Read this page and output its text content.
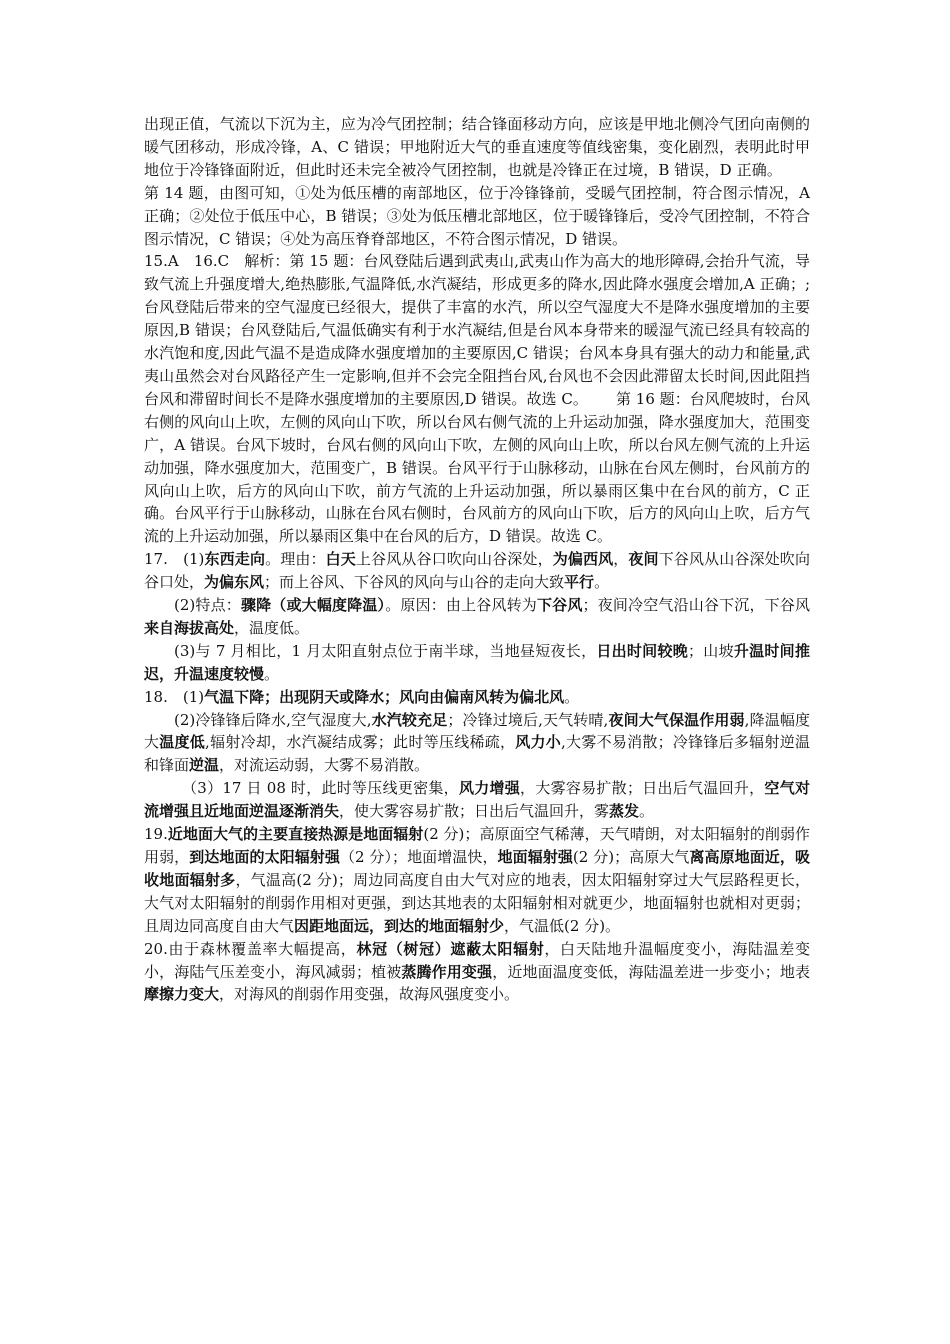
出现正值，气流以下沉为主，应为冷气团控制；结合锋面移动方向，应该是甲地北侧冷气团向南侧的暖气团移动，形成冷锋，A、C 错误；甲地附近大气的垂直速度等值线密集，变化剧烈，表明此时甲地位于冷锋锋面附近，但此时还未完全被冷气团控制，也就是冷锋正在过境，B 错误，D 正确。第 14 题，由图可知，①处为低压槽的南部地区，位于冷锋锋前，受暖气团控制，符合图示情况，A 正确；②处位于低压中心，B 错误；③处为低压槽北部地区，位于暖锋锋后，受冷气团控制，不符合图示情况，C 错误；④处为高压脊脊部地区，不符合图示情况，D 错误。

15.A　16.C　解析：第 15 题：台风登陆后遇到武夷山,武夷山作为高大的地形障碍,会抬升气流，导致气流上升强度增大,绝热膨胀,气温降低,水汽凝结，形成更多的降水,因此降水强度会增加,A 正确；;台风登陆后带来的空气湿度已经很大，提供了丰富的水汽，所以空气湿度大不是降水强度增加的主要原因,B 错误；台风登陆后,气温低确实有利于水汽凝结,但是台风本身带来的暖湿气流已经具有较高的水汽饱和度,因此气温不是造成降水强度增加的主要原因,C 错误；台风本身具有强大的动力和能量,武夷山虽然会对台风路径产生一定影响,但并不会完全阻挡台风,台风也不会因此滞留太长时间,因此阻挡台风和滞留时间长不是降水强度增加的主要原因,D 错误。故选 C。 第 16 题：台风爬坡时，台风右侧的风向山上吹，左侧的风向山下吹，所以台风右侧气流的上升运动加强，降水强度加大，范围变广，A 错误。台风下坡时，台风右侧的风向山下吹，左侧的风向山上吹，所以台风左侧气流的上升运动加强，降水强度加大，范围变广，B 错误。台风平行于山脉移动，山脉在台风左侧时，台风前方的风向山上吹，后方的风向山下吹，前方气流的上升运动加强，所以暴雨区集中在台风的前方，C 正确。台风平行于山脉移动，山脉在台风右侧时，台风前方的风向山下吹，后方的风向山上吹，后方气流的上升运动加强，所以暴雨区集中在台风的后方，D 错误。故选 C。

17.　(1)东西走向。理由：白天上谷风从谷口吹向山谷深处，为偏西风，夜间下谷风从山谷深处吹向谷口处，为偏东风；而上谷风、下谷风的风向与山谷的走向大致平行。

(2)特点：骤降（或大幅度降温）。原因：由上谷风转为下谷风；夜间冷空气沿山谷下沉，下谷风来自海拔高处，温度低。

(3)与 7 月相比，1 月太阳直射点位于南半球，当地昼短夜长，日出时间较晚；山坡升温时间推迟，升温速度较慢。

18.　(1)气温下降；出现阴天或降水；风向由偏南风转为偏北风。

(2)冷锋锋后降水,空气湿度大,水汽较充足；冷锋过境后,天气转晴,夜间大气保温作用弱,降温幅度大温度低,辐射冷却，水汽凝结成雾；此时等压线稀疏，风力小,大雾不易消散；冷锋锋后多辐射逆温和锋面逆温，对流运动弱，大雾不易消散。

（3）17 日 08 时，此时等压线更密集，风力增强，大雾容易扩散；日出后气温回升，空气对流增强且近地面逆温逐渐消失，使大雾容易扩散；日出后气温回升，雾蒸发。

19.近地面大气的主要直接热源是地面辐射(2 分)；高原面空气稀薄，天气晴朗，对太阳辐射的削弱作用弱，到达地面的太阳辐射强（2 分）；地面增温快，地面辐射强(2 分)；高原大气离高原地面近，吸收地面辐射多，气温高(2 分)；周边同高度自由大气对应的地表，因太阳辐射穿过大气层路程更长，大气对太阳辐射的削弱作用相对更强，到达其地表的太阳辐射相对就更少，地面辐射也就相对更弱；且周边同高度自由大气因距地面远，到达的地面辐射少，气温低(2 分)。

20.由于森林覆盖率大幅提高，林冠（树冠）遮蔽太阳辐射，白天陆地升温幅度变小，海陆温差变小，海陆气压差变小，海风减弱；植被蒸腾作用变强，近地面温度变低，海陆温差进一步变小；地表摩擦力变大，对海风的削弱作用变强，故海风强度变小。
